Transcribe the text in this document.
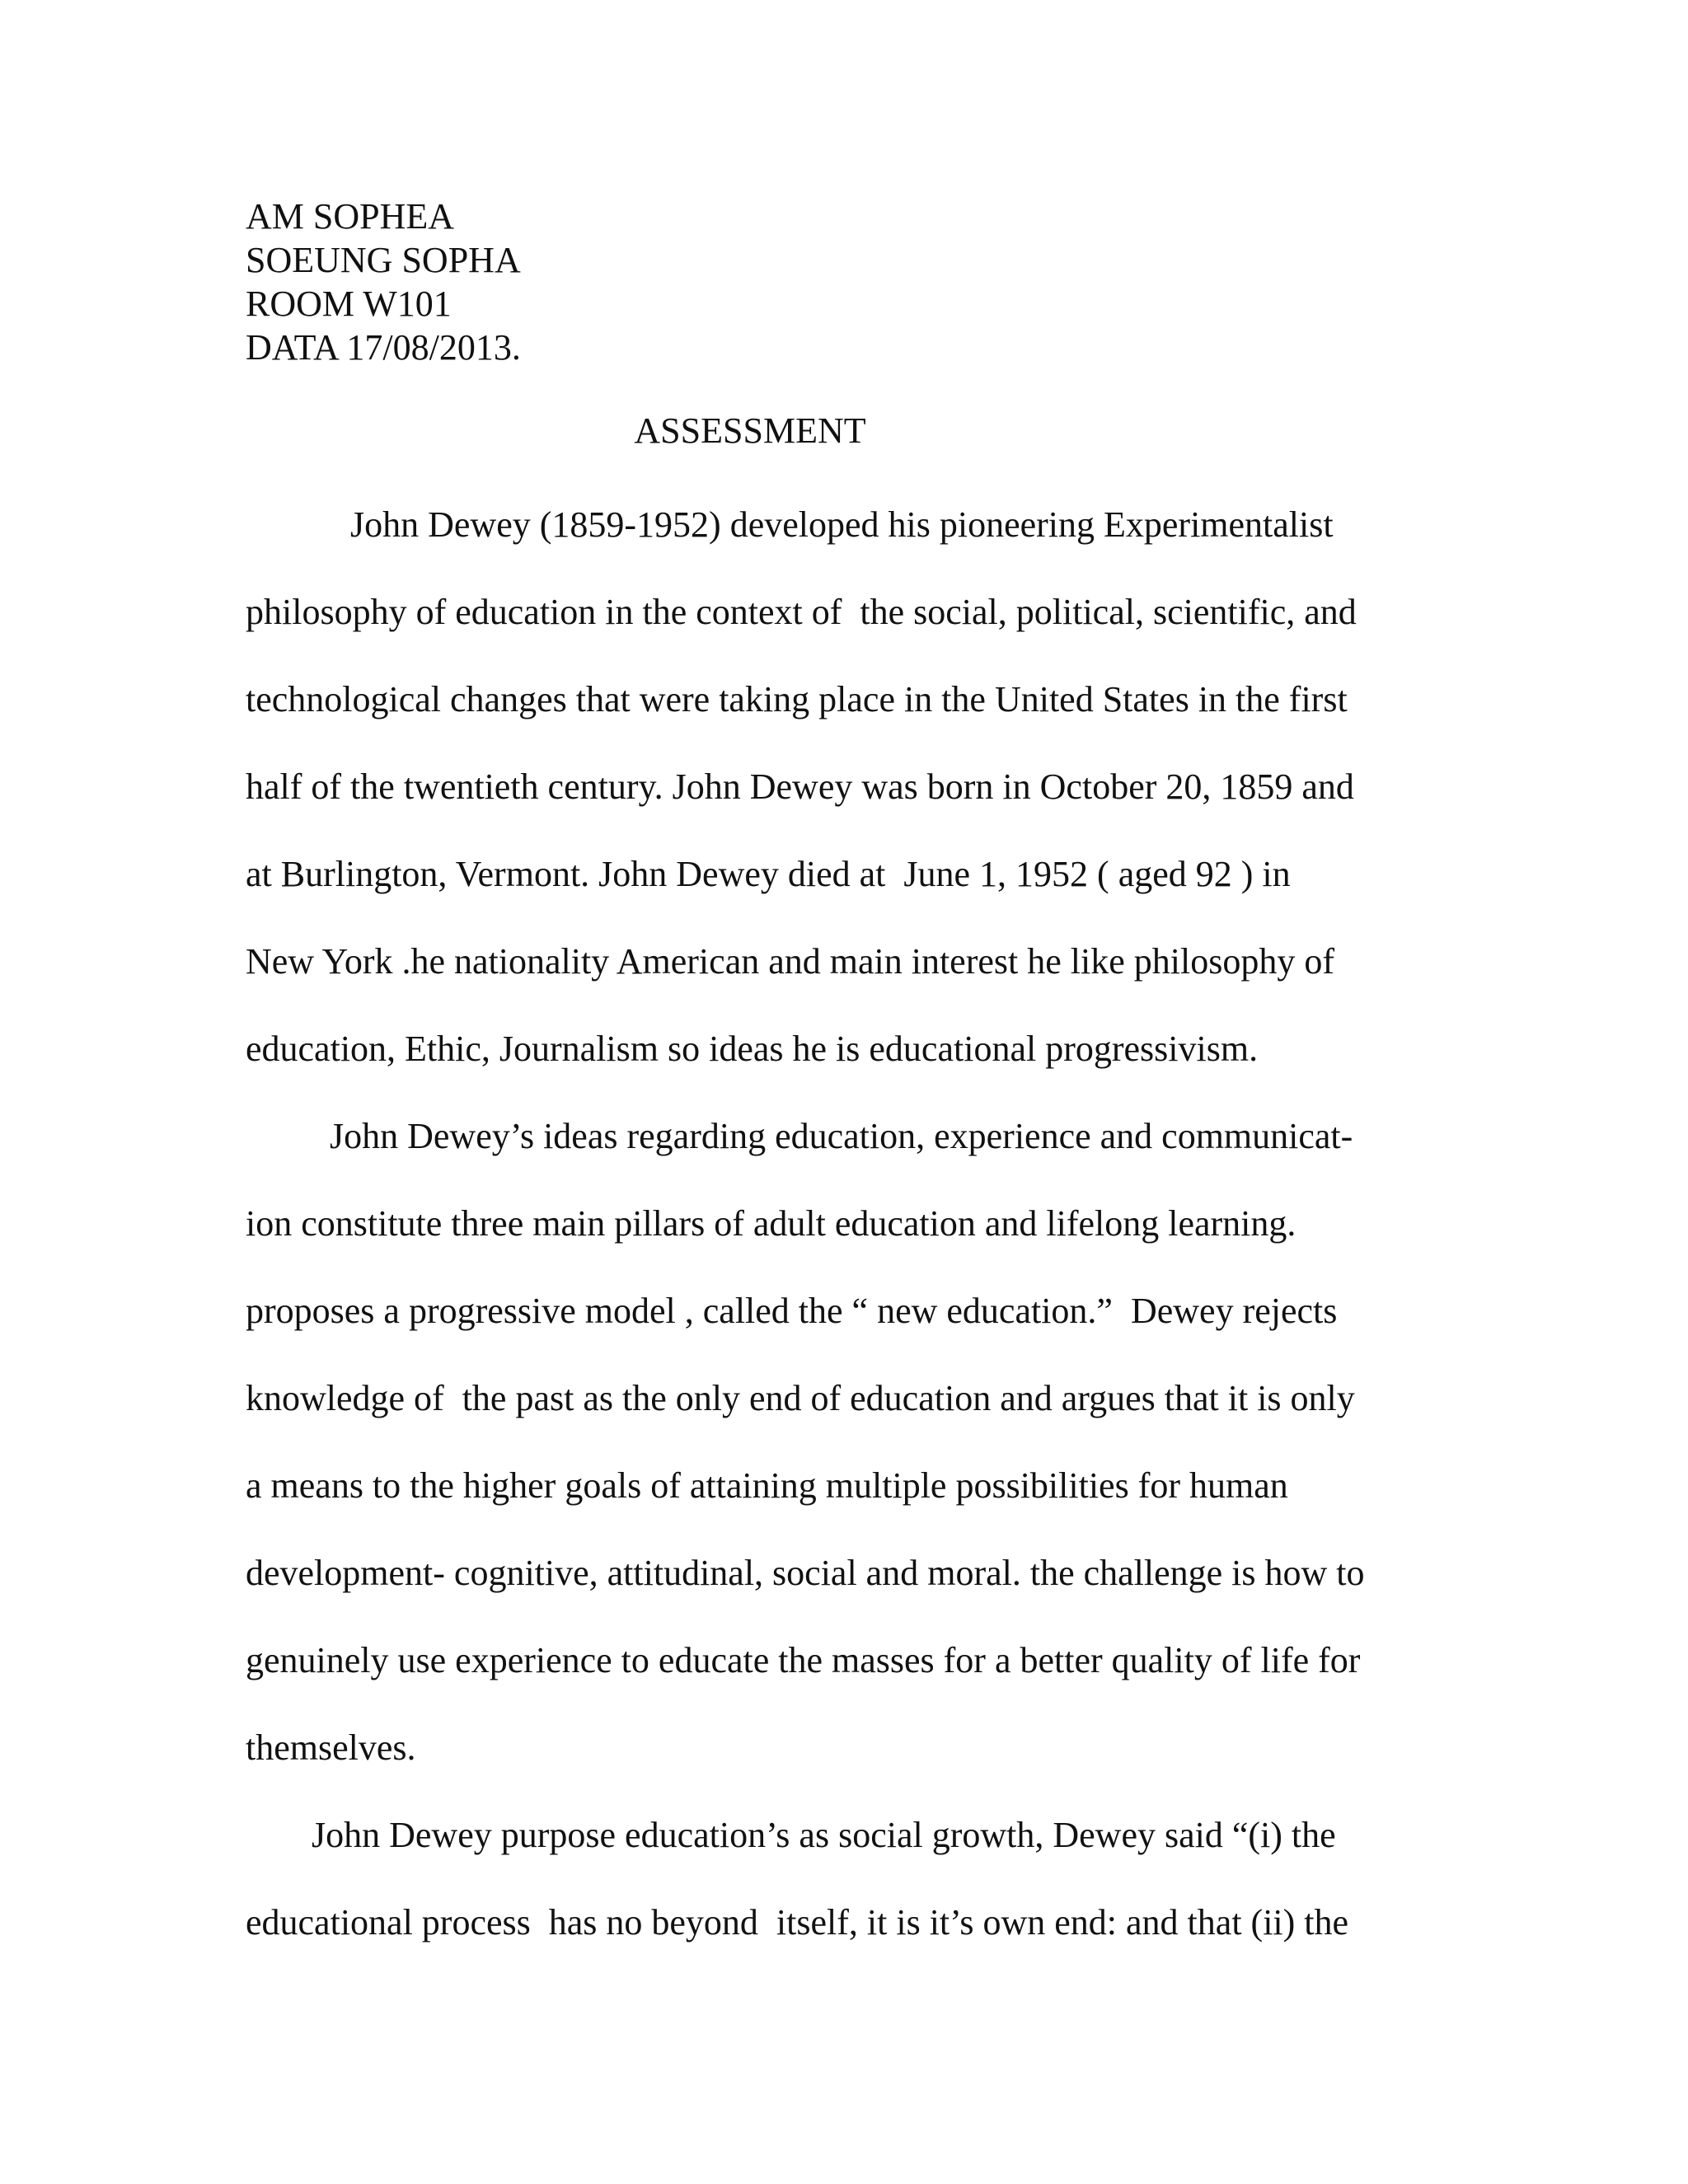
AM SOPHEA
SOEUNG SOPHA
ROOM W101
DATA 17/08/2013.
ASSESSMENT
John Dewey (1859-1952) developed his pioneering Experimentalist
philosophy of education in the context of  the social, political, scientific, and
technological changes that were taking place in the United States in the first
half of the twentieth century. John Dewey was born in October 20, 1859 and
at Burlington, Vermont. John Dewey died at  June 1, 1952 ( aged 92 ) in
New York .he nationality American and main interest he like philosophy of
education, Ethic, Journalism so ideas he is educational progressivism.
John Dewey’s ideas regarding education, experience and communicat-
ion constitute three main pillars of adult education and lifelong learning.
proposes a progressive model , called the “ new education.”  Dewey rejects
knowledge of  the past as the only end of education and argues that it is only
a means to the higher goals of attaining multiple possibilities for human
development- cognitive, attitudinal, social and moral. the challenge is how to
genuinely use experience to educate the masses for a better quality of life for
themselves.
John Dewey purpose education’s as social growth, Dewey said “(i) the
educational process  has no beyond  itself, it is it’s own end: and that (ii) the
